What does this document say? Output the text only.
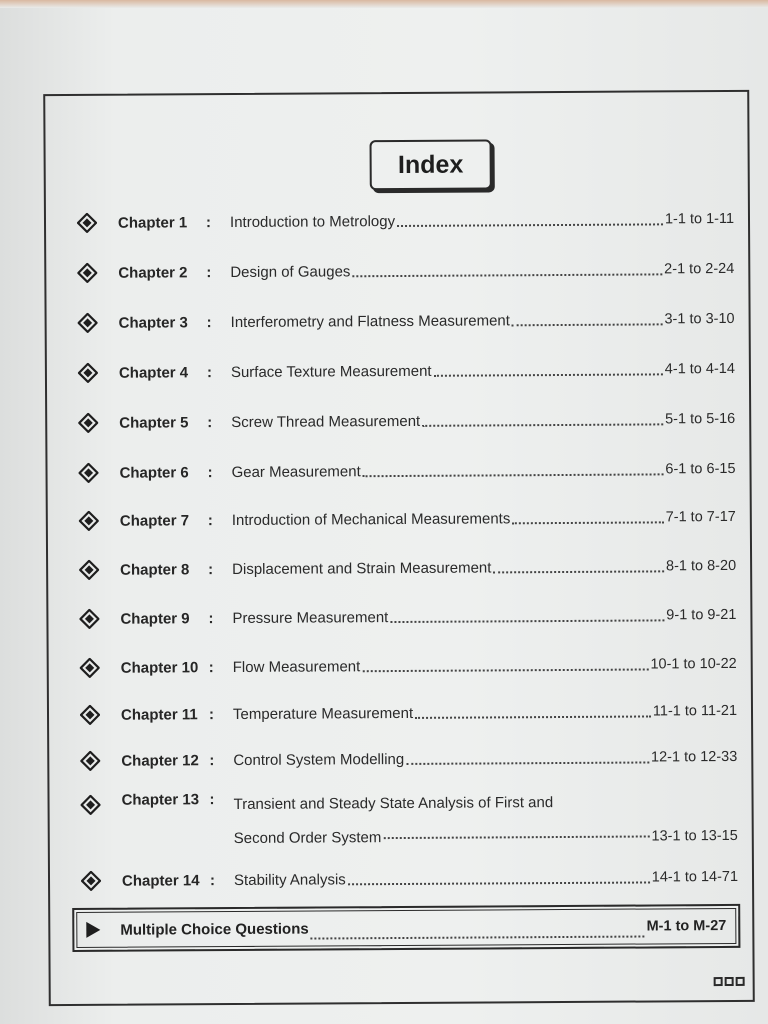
Index
Chapter 1	:	Introduction to Metrology	1-1 to 1-11
Chapter 2	:	Design of Gauges	2-1 to 2-24
Chapter 3	:	Interferometry and Flatness Measurement	3-1 to 3-10
Chapter 4	:	Surface Texture Measurement	4-1 to 4-14
Chapter 5	:	Screw Thread Measurement	5-1 to 5-16
Chapter 6	:	Gear Measurement	6-1 to 6-15
Chapter 7	:	Introduction of Mechanical Measurements	7-1 to 7-17
Chapter 8	:	Displacement and Strain Measurement	8-1 to 8-20
Chapter 9	:	Pressure Measurement	9-1 to 9-21
Chapter 10 :	Flow Measurement	10-1 to 10-22
Chapter 11 :	Temperature Measurement	11-1 to 11-21
Chapter 12 :	Control System Modelling	12-1 to 12-33
Chapter 13 :	Transient and Steady State Analysis of First and
Second Order System	13-1 to 13-15
Chapter 14 :	Stability Analysis	14-1 to 14-71
Multiple Choice Questions	M-1 to M-27
